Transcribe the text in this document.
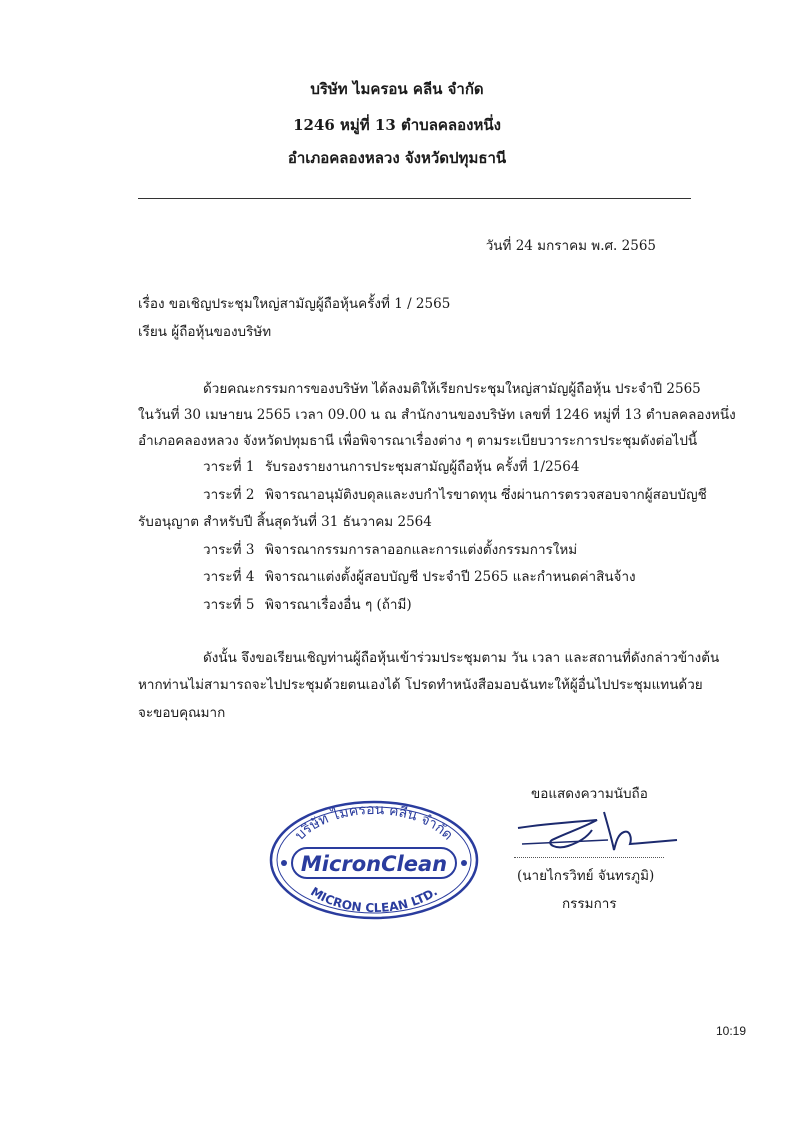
บริษัท ไมครอน คลีน จำกัด
1246 หมู่ที่ 13 ตำบลคลองหนึ่ง
อำเภอคลองหลวง จังหวัดปทุมธานี
วันที่ 24 มกราคม พ.ศ. 2565
เรื่อง ขอเชิญประชุมใหญ่สามัญผู้ถือหุ้นครั้งที่ 1 / 2565
เรียน ผู้ถือหุ้นของบริษัท
ด้วยคณะกรรมการของบริษัท ได้ลงมติให้เรียกประชุมใหญ่สามัญผู้ถือหุ้น ประจำปี 2565
ในวันที่ 30 เมษายน 2565 เวลา 09.00 น ณ สำนักงานของบริษัท เลขที่ 1246 หมู่ที่ 13 ตำบลคลองหนึ่ง
อำเภอคลองหลวง จังหวัดปทุมธานี เพื่อพิจารณาเรื่องต่าง ๆ ตามระเบียบวาระการประชุมดังต่อไปนี้
วาระที่ 1 รับรองรายงานการประชุมสามัญผู้ถือหุ้น ครั้งที่ 1/2564
วาระที่ 2 พิจารณาอนุมัติงบดุลและงบกำไรขาดทุน ซึ่งผ่านการตรวจสอบจากผู้สอบบัญชี
รับอนุญาต สำหรับปี สิ้นสุดวันที่ 31 ธันวาคม 2564
วาระที่ 3 พิจารณากรรมการลาออกและการแต่งตั้งกรรมการใหม่
วาระที่ 4 พิจารณาแต่งตั้งผู้สอบบัญชี ประจำปี 2565 และกำหนดค่าสินจ้าง
วาระที่ 5 พิจารณาเรื่องอื่น ๆ (ถ้ามี)
ดังนั้น จึงขอเรียนเชิญท่านผู้ถือหุ้นเข้าร่วมประชุมตาม วัน เวลา และสถานที่ดังกล่าวข้างต้น
หากท่านไม่สามารถจะไปประชุมด้วยตนเองได้ โปรดทำหนังสือมอบฉันทะให้ผู้อื่นไปประชุมแทนด้วย
จะขอบคุณมาก
ขอแสดงความนับถือ
บริษัท ไมครอน คลีน จำกัด
MICRON CLEAN LTD.
MicronClean	(นายไกรวิทย์ จันทรภูมิ)
กรรมการ
10:19
